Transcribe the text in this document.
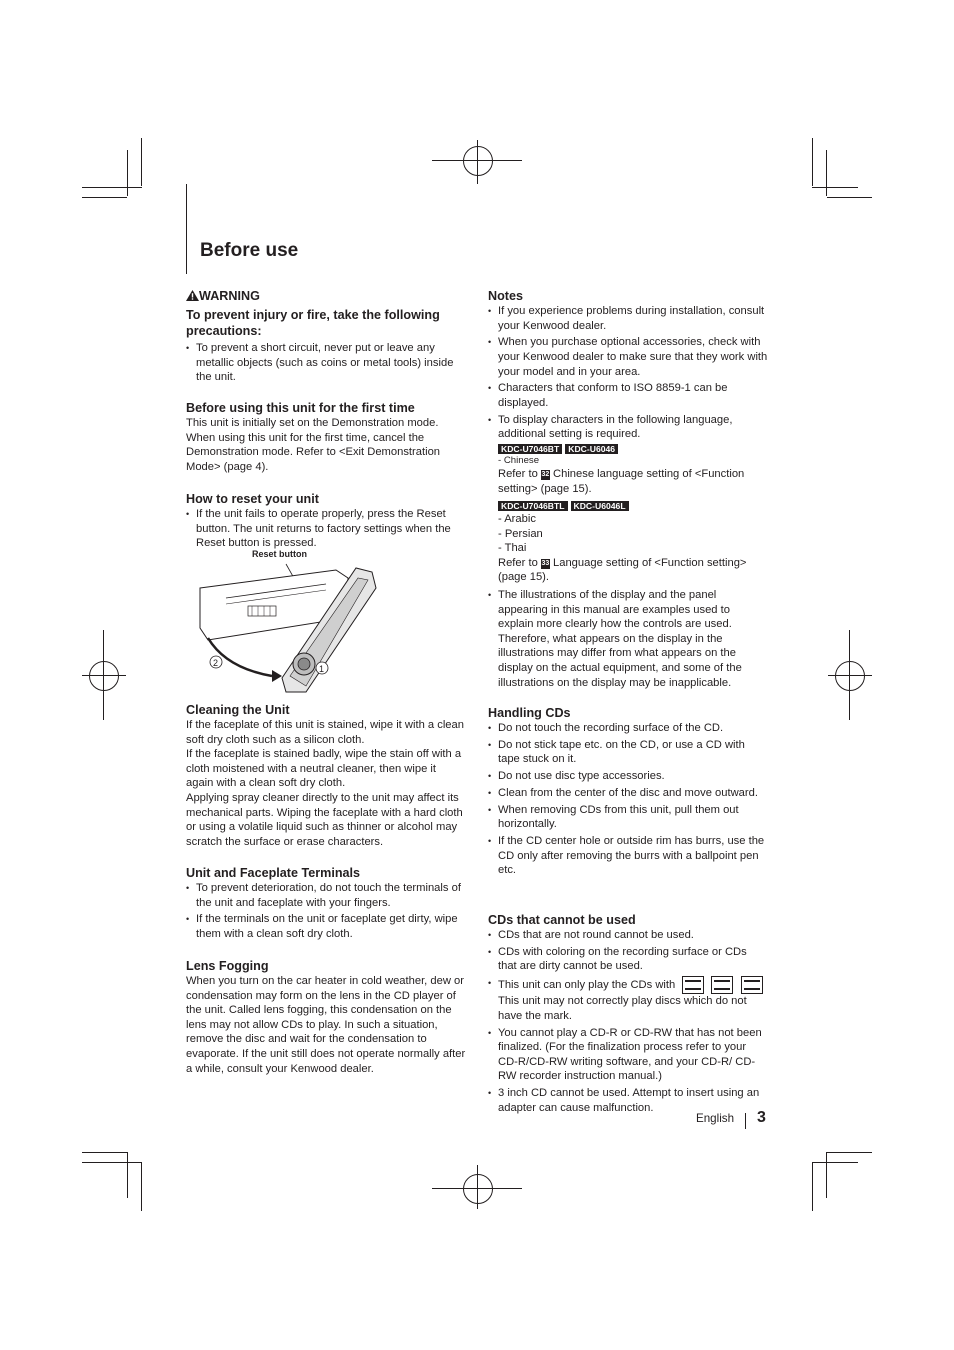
Before use
WARNING
To prevent injury or fire, take the following precautions:
• To prevent a short circuit, never put or leave any metallic objects (such as coins or metal tools) inside the unit.
Before using this unit for the first time

This unit is initially set on the Demonstration mode. When using this unit for the first time, cancel the Demonstration mode. Refer to <Exit Demonstration Mode> (page 4).

How to reset your unit
• If the unit fails to operate properly, press the Reset button. The unit returns to factory settings when the Reset button is pressed.
Reset button
2
1
Cleaning the Unit

If the faceplate of this unit is stained, wipe it with a clean soft dry cloth such as a silicon cloth.

If the faceplate is stained badly, wipe the stain off with a cloth moistened with a neutral cleaner, then wipe it again with a clean soft dry cloth.

Applying spray cleaner directly to the unit may affect its mechanical parts. Wiping the faceplate with a hard cloth or using a volatile liquid such as thinner or alcohol may scratch the surface or erase characters.

Unit and Faceplate Terminals
• To prevent deterioration, do not touch the terminals of the unit and faceplate with your fingers.
• If the terminals on the unit or faceplate get dirty, wipe them with a clean soft dry cloth.
Lens Fogging

When you turn on the car heater in cold weather, dew or condensation may form on the lens in the CD player of the unit. Called lens fogging, this condensation on the lens may not allow CDs to play. In such a situation, remove the disc and wait for the condensation to evaporate. If the unit still does not operate normally after a while, consult your Kenwood dealer.

Notes
• If you experience problems during installation, consult your Kenwood dealer.
• When you purchase optional accessories, check with your Kenwood dealer to make sure that they work with your model and in your area.
• Characters that conform to ISO 8859-1 can be displayed.
• To display characters in the following language, additional setting is required.
KDC-U7046BT KDC-U6046
- Chinese
Refer to 32 Chinese language setting of <Function setting> (page 15).
KDC-U7046BTL KDC-U6046L
- Arabic
- Persian
- Thai
Refer to 33 Language setting of <Function setting> (page 15).
• The illustrations of the display and the panel appearing in this manual are examples used to explain more clearly how the controls are used. Therefore, what appears on the display in the illustrations may differ from what appears on the display on the actual equipment, and some of the illustrations on the display may be inapplicable.
Handling CDs
• Do not touch the recording surface of the CD.
• Do not stick tape etc. on the CD, or use a CD with tape stuck on it.
• Do not use disc type accessories.
• Clean from the center of the disc and move outward.
• When removing CDs from this unit, pull them out horizontally.
• If the CD center hole or outside rim has burrs, use the CD only after removing the burrs with a ballpoint pen etc.
CDs that cannot be used
• CDs that are not round cannot be used.
• CDs with coloring on the recording surface or CDs that are dirty cannot be used.
• This unit can only play the CDs with

This unit may not correctly play discs which do not have the mark.
• You cannot play a CD-R or CD-RW that has not been finalized. (For the finalization process refer to your CD-R/CD-RW writing software, and your CD-R/ CD-RW recorder instruction manual.)
• 3 inch CD cannot be used. Attempt to insert using an adapter can cause malfunction.
English 3
